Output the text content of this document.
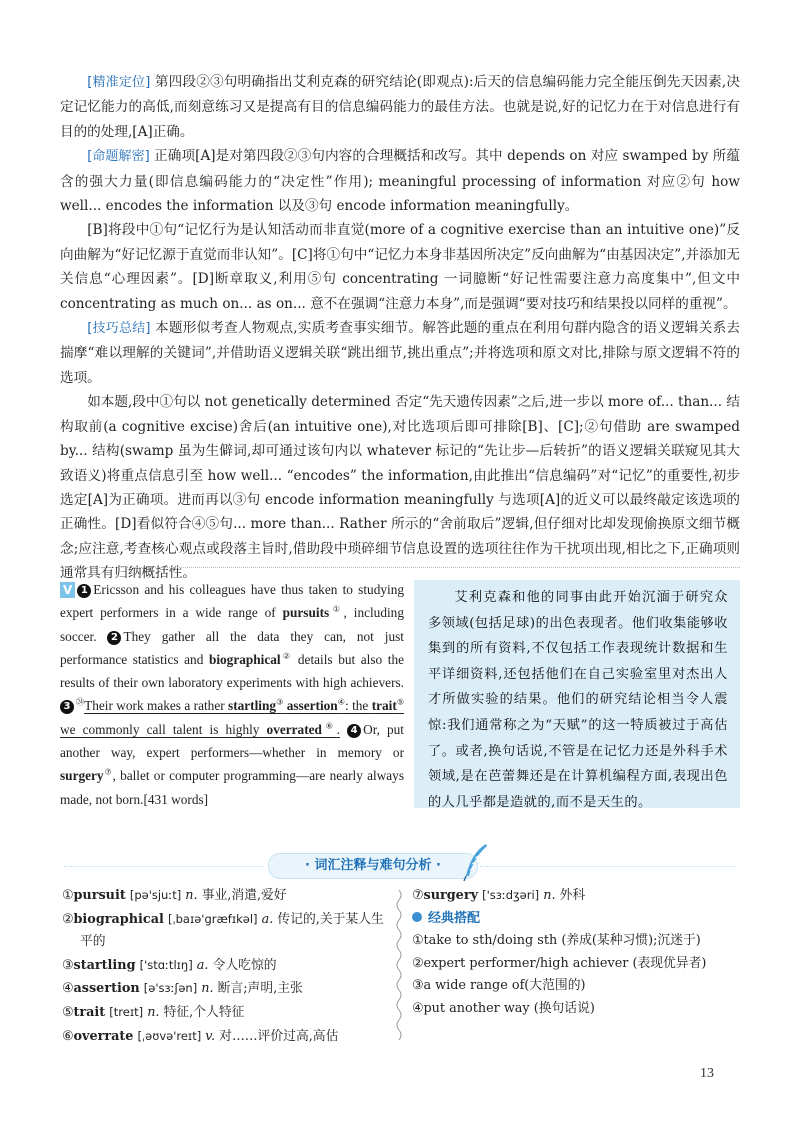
[精准定位] 第四段②③句明确指出艾利克森的研究结论(即观点):后天的信息编码能力完全能压倒先天因素,决定记忆能力的高低,而刻意练习又是提高有目的信息编码能力的最佳方法。也就是说,好的记忆力在于对信息进行有目的的处理,[A]正确。

[命题解密] 正确项[A]是对第四段②③句内容的合理概括和改写。其中 depends on 对应 swamped by 所蕴含的强大力量(即信息编码能力的“决定性”作用); meaningful processing of information 对应②句 how well... encodes the information 以及③句 encode information meaningfully。

[B]将段中①句“记忆行为是认知活动而非直觉(more of a cognitive exercise than an intuitive one)”反向曲解为“好记忆源于直觉而非认知”。[C]将①句中“记忆力本身非基因所决定”反向曲解为“由基因决定”,并添加无关信息“心理因素”。[D]断章取义,利用⑤句 concentrating 一词臆断“好记性需要注意力高度集中”,但文中 concentrating as much on... as on... 意不在强调“注意力本身”,而是强调“要对技巧和结果投以同样的重视”。

[技巧总结] 本题形似考查人物观点,实质考查事实细节。解答此题的重点在利用句群内隐含的语义逻辑关系去揣摩“难以理解的关键词”,并借助语义逻辑关联“跳出细节,挑出重点”;并将选项和原文对比,排除与原文逻辑不符的选项。

如本题,段中①句以 not genetically determined 否定“先天遗传因素”之后,进一步以 more of... than... 结构取前(a cognitive excise)舍后(an intuitive one),对比选项后即可排除[B]、[C];②句借助 are swamped by... 结构(swamp 虽为生僻词,却可通过该句内以 whatever 标记的“先让步—后转折”的语义逻辑关联窥见其大致语义)将重点信息引至 how well... “encodes” the information,由此推出“信息编码”对“记忆”的重要性,初步选定[A]为正确项。进而再以③句 encode information meaningfully 与选项[A]的近义可以最终敲定该选项的正确性。[D]看似符合④⑤句... more than... Rather 所示的“舍前取后”逻辑,但仔细对比却发现偷换原文细节概念;应注意,考查核心观点或段落主旨时,借助段中琐碎细节信息设置的选项往往作为干扰项出现,相比之下,正确项则通常具有归纳概括性。

V 1 Ericsson and his colleagues have thus taken to studying expert performers in a wide range of pursuits①, including soccer. 2 They gather all the data they can, not just performance statistics and biographical② details but also the results of their own laboratory experiments with high achievers. 3 $^㉔$Their work makes a rather startling③ assertion④: the trait⑤ we commonly call talent is highly overrated⑥. 4 Or, put another way, expert performers—whether in memory or surgery⑦, ballet or computer programming—are nearly always made, not born.[431 words]
艾利克森和他的同事由此开始沉湎于研究众多领域(包括足球)的出色表现者。他们收集能够收集到的所有资料,不仅包括工作表现统计数据和生平详细资料,还包括他们在自己实验室里对杰出人才所做实验的结果。他们的研究结论相当令人震惊:我们通常称之为“天赋”的这一特质被过于高估了。或者,换句话说,不管是在记忆力还是外科手术领域,是在芭蕾舞还是在计算机编程方面,表现出色的人几乎都是造就的,而不是天生的。
· 词汇注释与难句分析 ·

①pursuit [pə'sjuːt] n. 事业,消遣,爱好

②biographical [ˌbaɪə'græfɪkəl] a. 传记的,关于某人生

平的

③startling ['stɑːtlɪŋ] a. 令人吃惊的

④assertion [ə'sɜːʃən] n. 断言;声明,主张

⑤trait [treɪt] n. 特征,个人特征

⑥overrate [ˌəʊvə'reɪt] v. 对……评价过高,高估

⑦surgery ['sɜːdʒəri] n. 外科

经典搭配

①take to sth/doing sth (养成(某种习惯);沉迷于)

②expert performer/high achiever (表现优异者)

③a wide range of(大范围的)

④put another way (换句话说)

13
